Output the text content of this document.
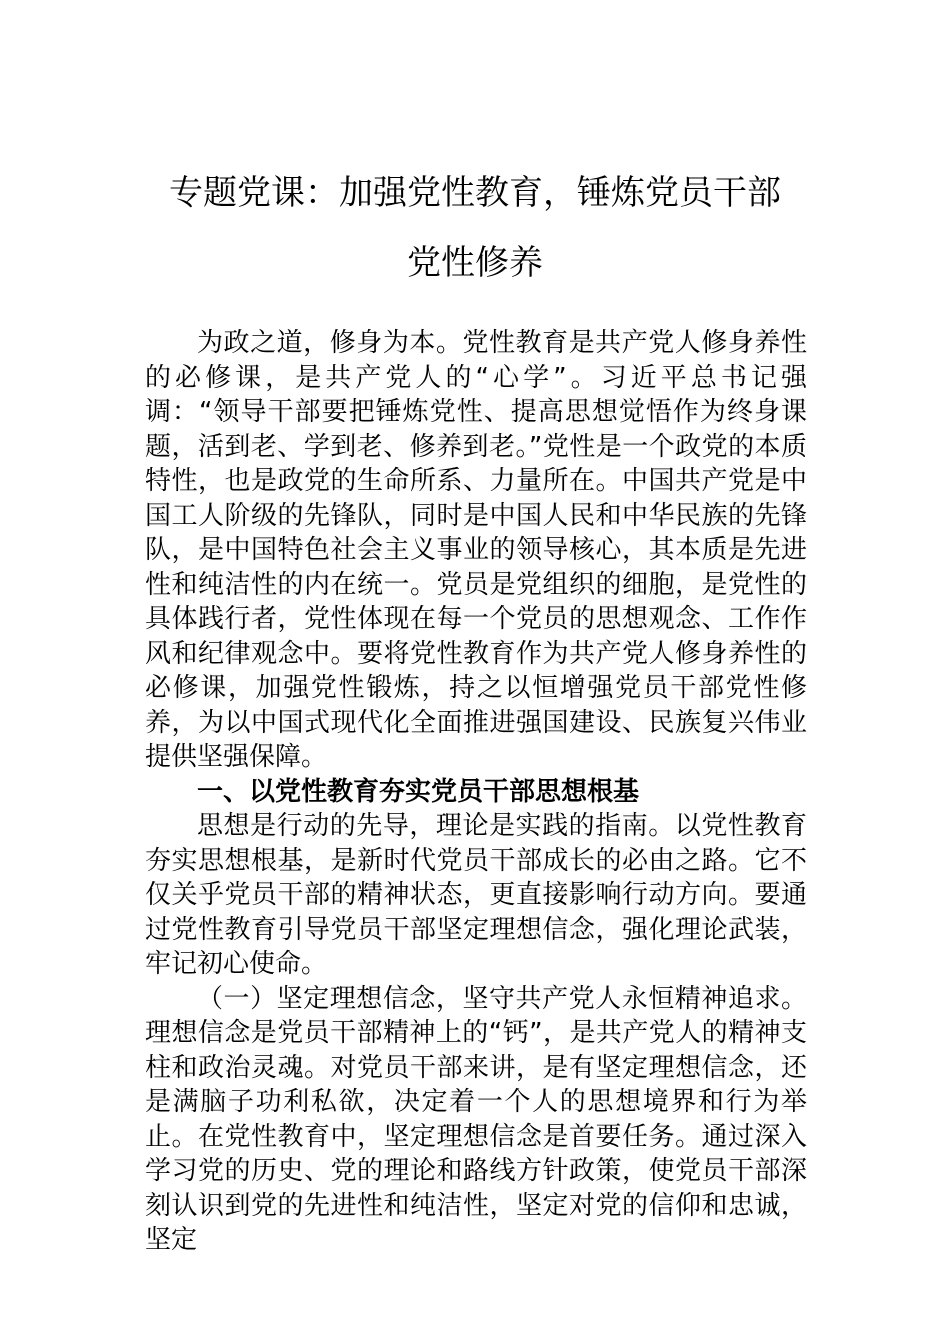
专题党课：加强党性教育，锤炼党员干部
党性修养

为政之道，修身为本。党性教育是共产党人修身养性的必修课，是共产党人的“心学”。习近平总书记强调：“领导干部要把锤炼党性、提高思想觉悟作为终身课题，活到老、学到老、修养到老。”党性是一个政党的本质特性，也是政党的生命所系、力量所在。中国共产党是中国工人阶级的先锋队，同时是中国人民和中华民族的先锋队，是中国特色社会主义事业的领导核心，其本质是先进性和纯洁性的内在统一。党员是党组织的细胞，是党性的具体践行者，党性体现在每一个党员的思想观念、工作作风和纪律观念中。要将党性教育作为共产党人修身养性的必修课，加强党性锻炼，持之以恒增强党员干部党性修养，为以中国式现代化全面推进强国建设、民族复兴伟业提供坚强保障。

一、以党性教育夯实党员干部思想根基

思想是行动的先导，理论是实践的指南。以党性教育夯实思想根基，是新时代党员干部成长的必由之路。它不仅关乎党员干部的精神状态，更直接影响行动方向。要通过党性教育引导党员干部坚定理想信念，强化理论武装，牢记初心使命。

（一）坚定理想信念，坚守共产党人永恒精神追求。理想信念是党员干部精神上的“钙”，是共产党人的精神支柱和政治灵魂。对党员干部来讲，是有坚定理想信念，还是满脑子功利私欲，决定着一个人的思想境界和行为举止。在党性教育中，坚定理想信念是首要任务。通过深入学习党的历史、党的理论和路线方针政策，使党员干部深刻认识到党的先进性和纯洁性，坚定对党的信仰和忠诚，坚定
